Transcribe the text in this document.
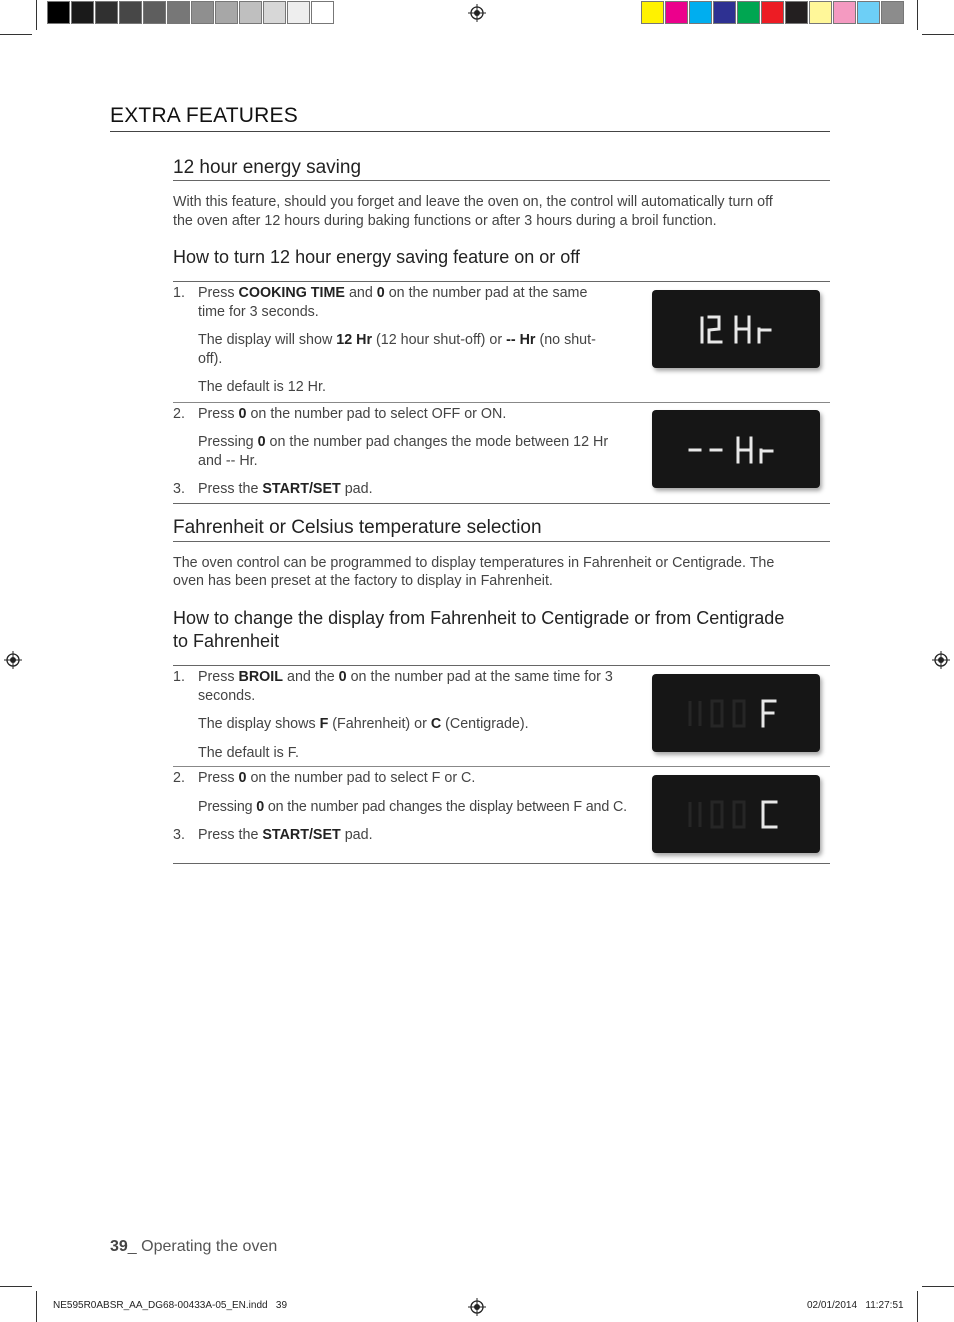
EXTRA FEATURES
12 hour energy saving
With this feature, should you forget and leave the oven on, the control will automatically turn off
the oven after 12 hours during baking functions or after 3 hours during a broil function.
How to turn 12 hour energy saving feature on or off
1. Press COOKING TIME and 0 on the number pad at the same
time for 3 seconds.
The display will show 12 Hr (12 hour shut-off) or -- Hr (no shut-
off).
The default is 12 Hr.
2. Press 0 on the number pad to select OFF or ON.
Pressing 0 on the number pad changes the mode between 12 Hr
and -- Hr.
3. Press the START/SET pad.
Fahrenheit or Celsius temperature selection
The oven control can be programmed to display temperatures in Fahrenheit or Centigrade. The
oven has been preset at the factory to display in Fahrenheit.
How to change the display from Fahrenheit to Centigrade or from Centigrade
to Fahrenheit
1. Press BROIL and the 0 on the number pad at the same time for 3
seconds.
The display shows F (Fahrenheit) or C (Centigrade).
The default is F.
2. Press 0 on the number pad to select F or C.
Pressing 0 on the number pad changes the display between F and C.
3. Press the START/SET pad.
39_ Operating the oven
NE595R0ABSR_AA_DG68-00433A-05_EN.indd   39	02/01/2014   11:27:51
